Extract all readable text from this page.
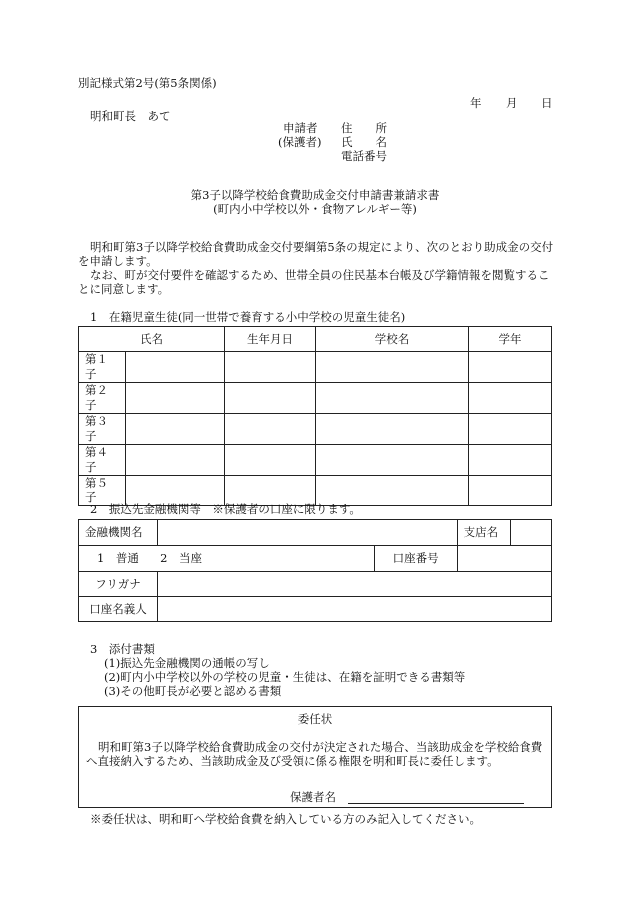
別記様式第2号(第5条関係)
年 月 日
明和町長　あて
申請者
(保護者)
住　　所
氏　　名
電話番号
第3子以降学校給食費助成金交付申請書兼請求書
(町内小中学校以外・食物アレルギー等)
明和町第3子以降学校給食費助成金交付要綱第5条の規定により、次のとおり助成金の交付
を申請します。
なお、町が交付要件を確認するため、世帯全員の住民基本台帳及び学籍情報を閲覧するこ
とに同意します。
1　在籍児童生徒(同一世帯で養育する小中学校の児童生徒名)
氏名		生年月日	学校名	学年
第１子				
第２子				
第３子				
第４子				
第５子				
2　振込先金融機関等　※保護者の口座に限ります。
金融機関名			支店名	
1　普通 2　当座		口座番号		
フリガナ				
口座名義人				
3　添付書類
(1)振込先金融機関の通帳の写し
(2)町内小中学校以外の学校の児童・生徒は、在籍を証明できる書類等
(3)その他町長が必要と認める書類
委任状
明和町第3子以降学校給食費助成金の交付が決定された場合、当該助成金を学校給食費
へ直接納入するため、当該助成金及び受領に係る権限を明和町長に委任します。
保護者名
※委任状は、明和町へ学校給食費を納入している方のみ記入してください。
